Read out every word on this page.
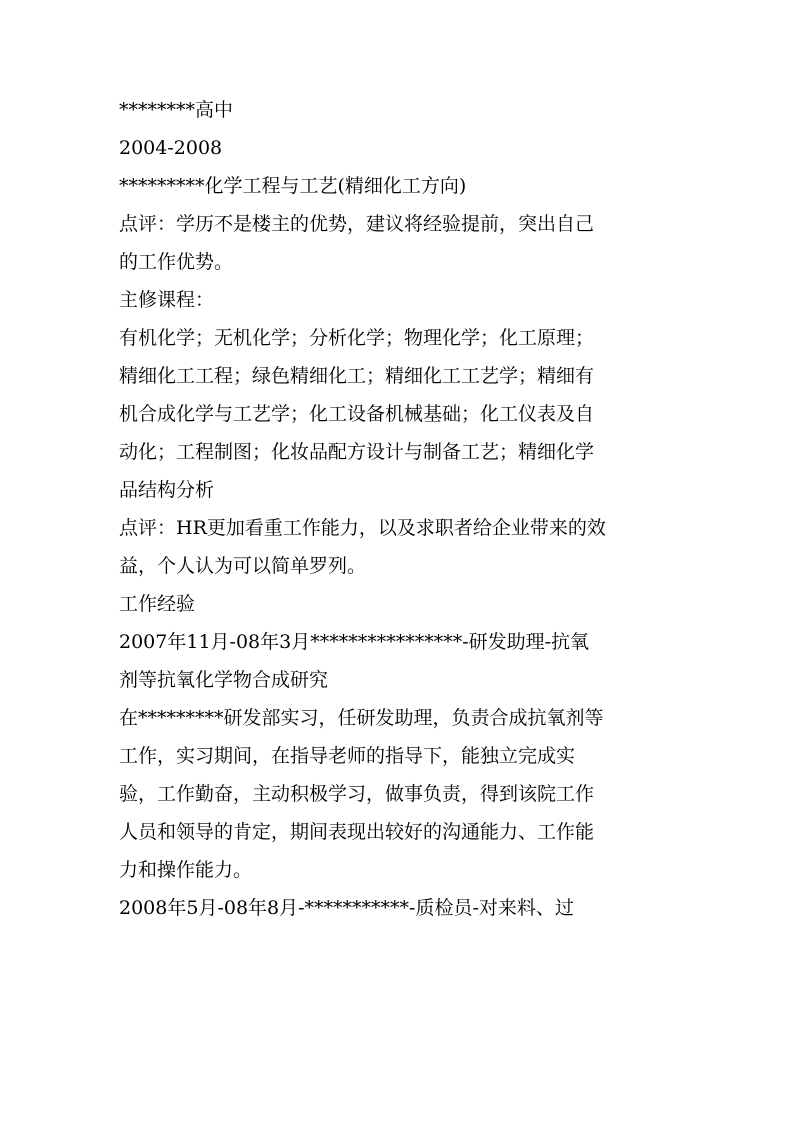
********高中
2004-2008
*********化学工程与工艺(精细化工方向)
点评：学历不是楼主的优势，建议将经验提前，突出自己
的工作优势。
主修课程：
有机化学；无机化学；分析化学；物理化学；化工原理；
精细化工工程；绿色精细化工；精细化工工艺学；精细有
机合成化学与工艺学；化工设备机械基础；化工仪表及自
动化；工程制图；化妆品配方设计与制备工艺；精细化学
品结构分析
点评：HR更加看重工作能力，以及求职者给企业带来的效
益，个人认为可以简单罗列。
工作经验
2007年11月-08年3月****************-研发助理-抗氧
剂等抗氧化学物合成研究
在*********研发部实习，任研发助理，负责合成抗氧剂等
工作，实习期间，在指导老师的指导下，能独立完成实
验，工作勤奋，主动积极学习，做事负责，得到该院工作
人员和领导的肯定，期间表现出较好的沟通能力、工作能
力和操作能力。
2008年5月-08年8月-***********-质检员-对来料、过
